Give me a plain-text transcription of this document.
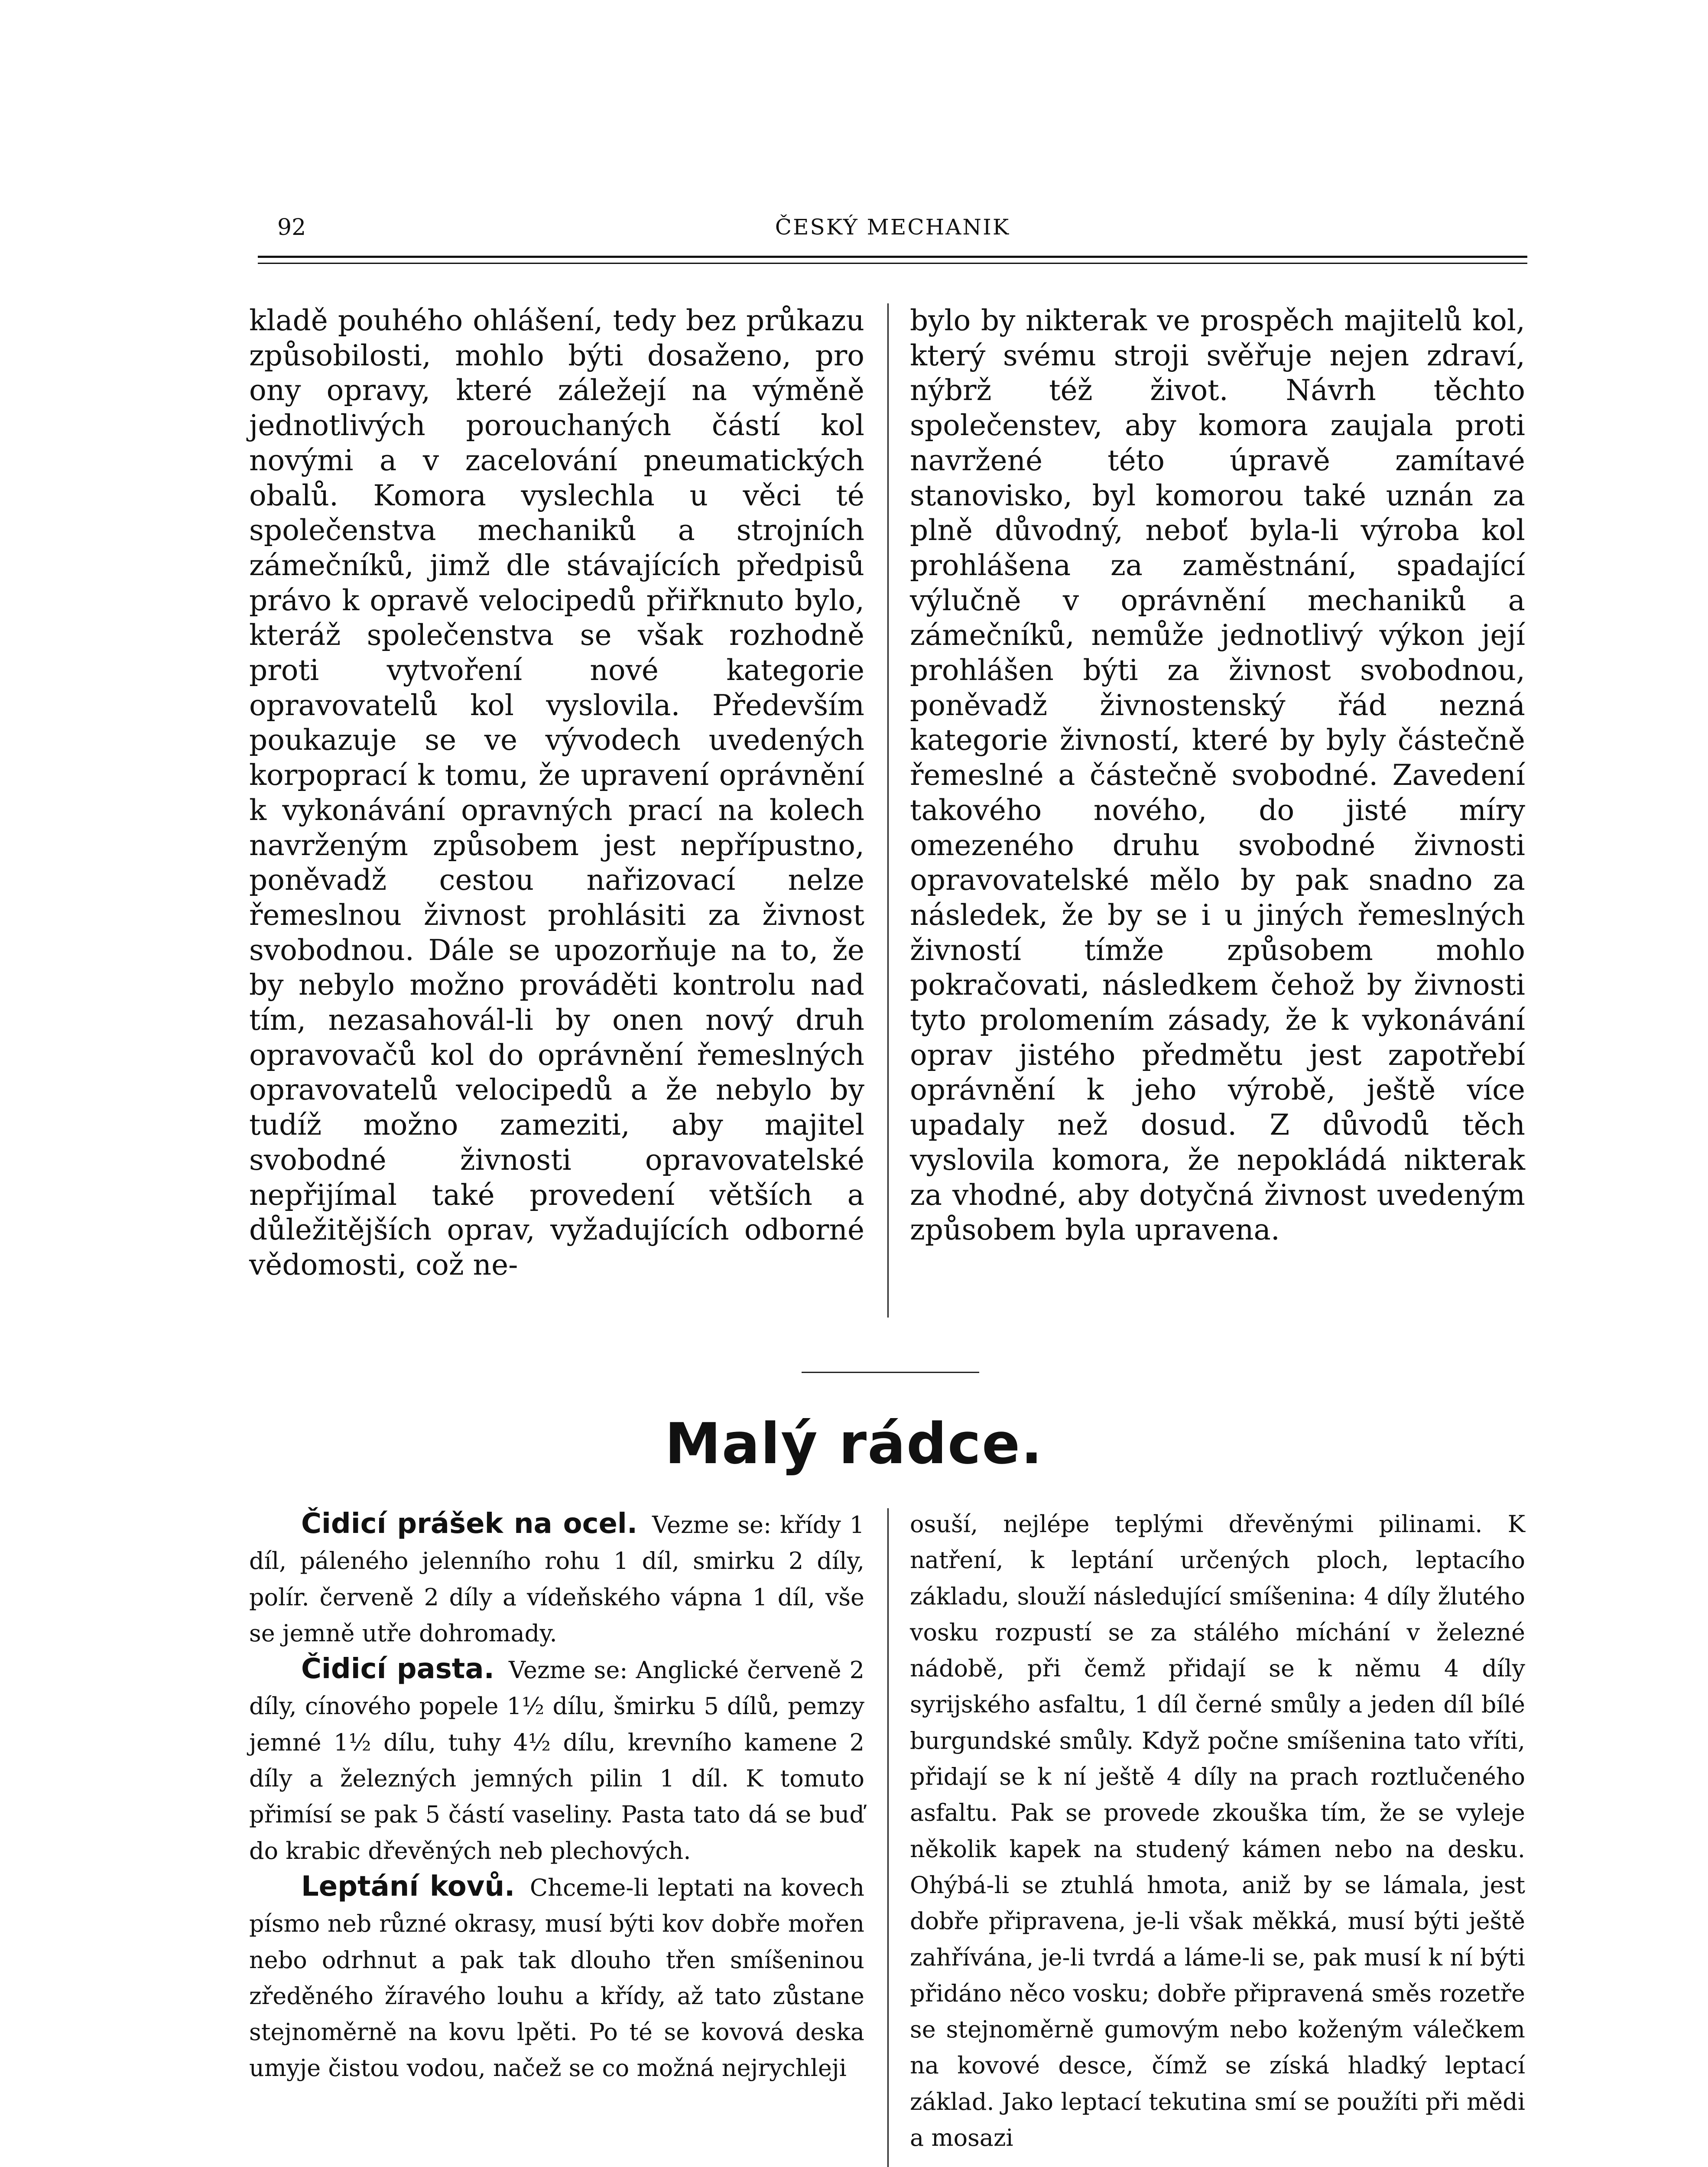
92	ČESKÝ MECHANIK

kladě pouhého ohlášení, tedy bez průkazu způsobilosti, mohlo býti dosaženo, pro ony opravy, které záležejí na výměně jednotlivých porouchaných částí kol novými a v zacelování pneumatických obalů. Komora vyslechla u věci té společenstva mechaniků a strojních zámečníků, jimž dle stávajících předpisů právo k opravě velocipedů přiřknuto bylo, kteráž společenstva se však rozhodně proti vytvoření nové kategorie opravovatelů kol vyslovila. Především poukazuje se ve vývodech uvedených korpoprací k tomu, že upravení oprávnění k vykonávání opravných prací na kolech navrženým způsobem jest nepřípustno, poněvadž cestou nařizovací nelze řemeslnou živnost prohlásiti za živnost svobodnou. Dále se upozorňuje na to, že by nebylo možno prováděti kontrolu nad tím, nezasahovál-li by onen nový druh opravovačů kol do oprávnění řemeslných opravovatelů velocipedů a že nebylo by tudíž možno zameziti, aby majitel svobodné živnosti opravovatelské nepřijímal také provedení větších a důležitějších oprav, vyžadujících odborné vědomosti, což ne-

bylo by nikterak ve prospěch majitelů kol, který svému stroji svěřuje nejen zdraví, nýbrž též život. Návrh těchto společenstev, aby komora zaujala proti navržené této úpravě zamítavé stanovisko, byl komorou také uznán za plně důvodný, neboť byla-li výroba kol prohlášena za zaměstnání, spadající výlučně v oprávnění mechaniků a zámečníků, nemůže jednotlivý výkon její prohlášen býti za živnost svobodnou, poněvadž živnostenský řád nezná kategorie živností, které by byly částečně řemeslné a částečně svobodné. Zavedení takového nového, do jisté míry omezeného druhu svobodné živnosti opravovatelské mělo by pak snadno za následek, že by se i u jiných řemeslných živností tímže způsobem mohlo pokračovati, následkem čehož by živnosti tyto prolomením zásady, že k vykonávání oprav jistého předmětu jest zapotřebí oprávnění k jeho výrobě, ještě více upadaly než dosud. Z důvodů těch vyslovila komora, že nepokládá nikterak za vhodné, aby dotyčná živnost uvedeným způsobem byla upravena.

Malý rádce.

Čidicí prášek na ocel. Vezme se: křídy 1 díl, páleného jelenního rohu 1 díl, smirku 2 díly, polír. červeně 2 díly a vídeňského vápna 1 díl, vše se jemně utře dohromady.

Čidicí pasta. Vezme se: Anglické červeně 2 díly, cínového popele 1½ dílu, šmirku 5 dílů, pemzy jemné 1½ dílu, tuhy 4½ dílu, krevního kamene 2 díly a železných jemných pilin 1 díl. K tomuto přimísí se pak 5 částí vaseliny. Pasta tato dá se buď do krabic dřevěných neb plechových.

Leptání kovů. Chceme-li leptati na kovech písmo neb různé okrasy, musí býti kov dobře mořen nebo odrhnut a pak tak dlouho třen smíšeninou zředěného žíravého louhu a křídy, až tato zůstane stejnoměrně na kovu lpěti. Po té se kovová deska umyje čistou vodou, načež se co možná nejrychleji

osuší, nejlépe teplými dřevěnými pilinami. K natření, k leptání určených ploch, leptacího základu, slouží následující smíšenina: 4 díly žlutého vosku rozpustí se za stálého míchání v železné nádobě, při čemž přidají se k němu 4 díly syrijského asfaltu, 1 díl černé smůly a jeden díl bílé burgundské smůly. Když počne smíšenina tato vříti, přidají se k ní ještě 4 díly na prach roztlučeného asfaltu. Pak se provede zkouška tím, že se vyleje několik kapek na studený kámen nebo na desku. Ohýbá-li se ztuhlá hmota, aniž by se lámala, jest dobře připravena, je-li však měkká, musí býti ještě zahřívána, je-li tvrdá a láme-li se, pak musí k ní býti přidáno něco vosku; dobře připravená směs rozetře se stejnoměrně gumovým nebo koženým válečkem na kovové desce, čímž se získá hladký leptací základ. Jako leptací tekutina smí se použíti při mědi a mosazi
